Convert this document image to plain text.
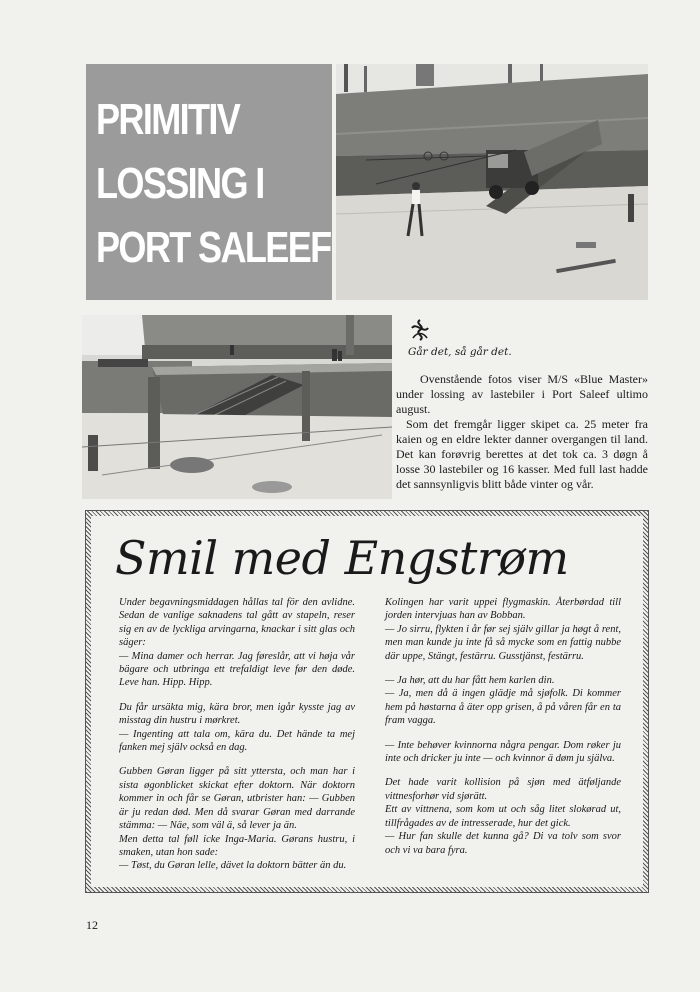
PRIMITIV
LOSSING I
PORT SALEEF
Går det, så går det.

Ovenstående fotos viser M/S «Blue Master» under lossing av lastebiler i Port Saleef ultimo august.

Som det fremgår ligger skipet ca. 25 meter fra kaien og en eldre lekter danner overgangen til land. Det kan forøvrig berettes at det tok ca. 3 døgn å losse 30 lastebiler og 16 kasser. Med full last hadde det sannsynligvis blitt både vinter og vår.

Smil med Engstrøm

Under begavningsmiddagen hållas tal för den avlidne. Sedan de vanlige saknadens tal gått av stapeln, reser sig en av de lyckliga arvingarna, knackar i sitt glas och säger:
— Mina damer och herrar. Jag føreslår, att vi høja vår bägare och utbringa ett trefaldigt leve før den døde. Leve han. Hipp. Hipp.

Du får ursäkta mig, kära bror, men igår kysste jag av misstag din hustru i mørkret.
— Ingenting att tala om, kära du. Det hände ta mej fanken mej själv också en dag.

Gubben Gøran ligger på sitt yttersta, och man har i sista øgonblicket skickat efter doktorn. När doktorn kommer in och får se Gøran, utbrister han: — Gubben är ju redan død. Men då svarar Gøran med darrande stämma: — Näe, som väl ä, så lever ja än.
Men detta tal føll icke Inga-Maria. Gørans hustru, i smaken, utan hon sade:
— Tøst, du Gøran lelle, dävet la doktorn bätter än du.

Kolingen har varit uppei flygmaskin. Återbørdad till jorden intervjuas han av Bobban.
— Jo sirru, flykten i år før sej själv gillar ja høgt å rent, men man kunde ju inte få så mycke som en fattig nubbe där uppe, Stängt, festärru. Gusstjänst, festärru.

— Ja hør, att du har fått hem karlen din.
— Ja, men då ä ingen glädje må sjøfolk. Di kommer hem på høstarna å äter opp grisen, å på våren får en ta fram vagga.

— Inte behøver kvinnorna några pengar. Dom røker ju inte och dricker ju inte — och kvinnor ä døm ju själva.

Det hade varit kollision på sjøn med ätføljande vittnesforhør vid sjørätt.
Ett av vittnena, som kom ut och såg litet slokørad ut, tillfrågades av de intresserade, hur det gick.
— Hur fan skulle det kunna gå? Di va tolv som svor och vi va bara fyra.

12
